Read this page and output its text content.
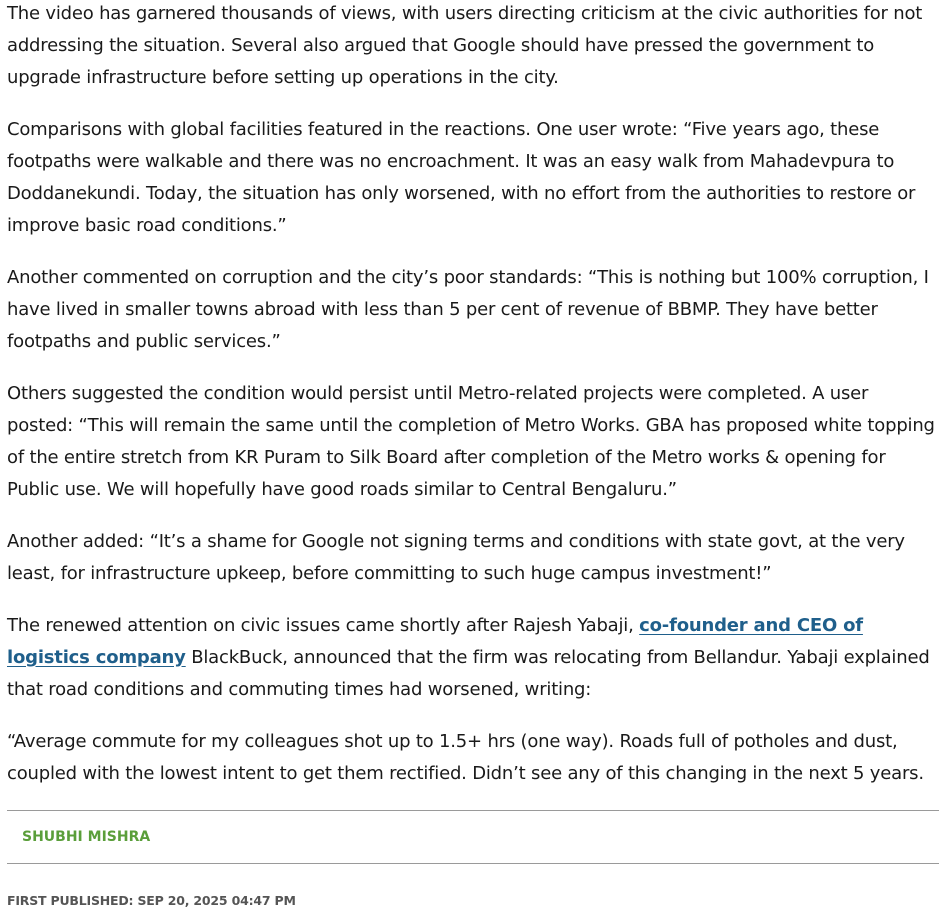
The video has garnered thousands of views, with users directing criticism at the civic authorities for not addressing the situation. Several also argued that Google should have pressed the government to upgrade infrastructure before setting up operations in the city.

Comparisons with global facilities featured in the reactions. One user wrote: “Five years ago, these footpaths were walkable and there was no encroachment. It was an easy walk from Mahadevpura to Doddanekundi. Today, the situation has only worsened, with no effort from the authorities to restore or improve basic road conditions.”

Another commented on corruption and the city’s poor standards: “This is nothing but 100% corruption, I have lived in smaller towns abroad with less than 5 per cent of revenue of BBMP. They have better footpaths and public services.”

Others suggested the condition would persist until Metro-related projects were completed. A user posted: “This will remain the same until the completion of Metro Works. GBA has proposed white topping of the entire stretch from KR Puram to Silk Board after completion of the Metro works & opening for Public use. We will hopefully have good roads similar to Central Bengaluru.”

Another added: “It’s a shame for Google not signing terms and conditions with state govt, at the very least, for infrastructure upkeep, before committing to such huge campus investment!”

The renewed attention on civic issues came shortly after Rajesh Yabaji, co-founder and CEO of logistics company BlackBuck, announced that the firm was relocating from Bellandur. Yabaji explained that road conditions and commuting times had worsened, writing:

“Average commute for my colleagues shot up to 1.5+ hrs (one way). Roads full of potholes and dust, coupled with the lowest intent to get them rectified. Didn’t see any of this changing in the next 5 years.

SHUBHI MISHRA
FIRST PUBLISHED: SEP 20, 2025 04:47 PM
